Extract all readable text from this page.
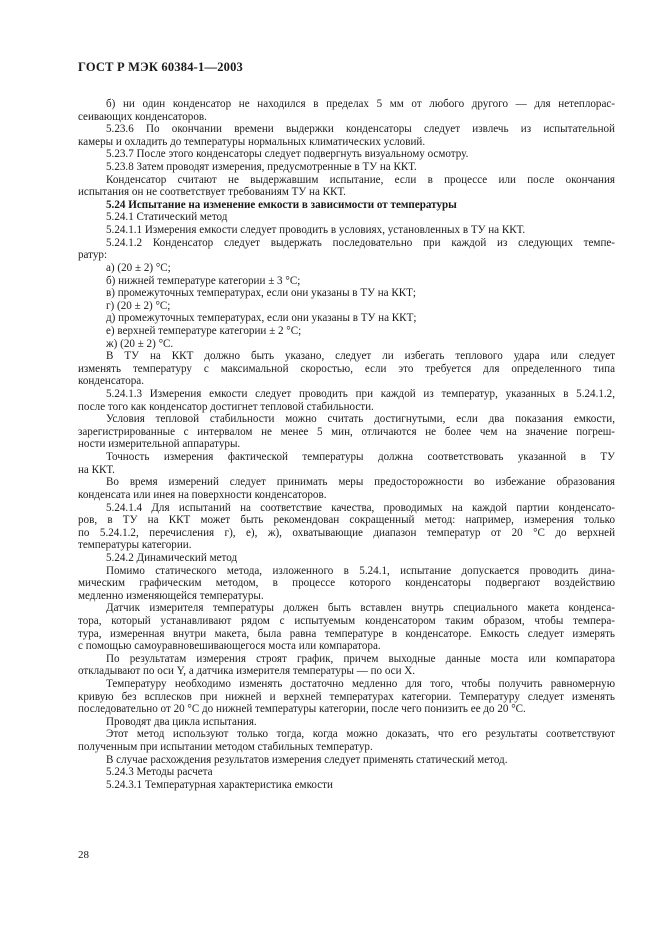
ГОСТ Р МЭК 60384-1—2003
б) ни один конденсатор не находился в пределах 5 мм от любого другого — для нетеплорас-
сеивающих конденсаторов.
5.23.6 По окончании времени выдержки конденсаторы следует извлечь из испытательной
камеры и охладить до температуры нормальных климатических условий.
5.23.7 После этого конденсаторы следует подвергнуть визуальному осмотру.
5.23.8 Затем проводят измерения, предусмотренные в ТУ на ККТ.
Конденсатор считают не выдержавшим испытание, если в процессе или после окончания
испытания он не соответствует требованиям ТУ на ККТ.
5.24 Испытание на изменение емкости в зависимости от температуры
5.24.1 Статический метод
5.24.1.1 Измерения емкости следует проводить в условиях, установленных в ТУ на ККТ.
5.24.1.2 Конденсатор следует выдержать последовательно при каждой из следующих темпе-
ратур:
а) (20 ± 2) °C;
б) нижней температуре категории ± 3 °C;
в) промежуточных температурах, если они указаны в ТУ на ККТ;
г) (20 ± 2) °C;
д) промежуточных температурах, если они указаны в ТУ на ККТ;
е) верхней температуре категории ± 2 °C;
ж) (20 ± 2) °C.
В ТУ на ККТ должно быть указано, следует ли избегать теплового удара или следует
изменять температуру с максимальной скоростью, если это требуется для определенного типа
конденсатора.
5.24.1.3 Измерения емкости следует проводить при каждой из температур, указанных в 5.24.1.2,
после того как конденсатор достигнет тепловой стабильности.
Условия тепловой стабильности можно считать достигнутыми, если два показания емкости,
зарегистрированные с интервалом не менее 5 мин, отличаются не более чем на значение погреш-
ности измерительной аппаратуры.
Точность измерения фактической температуры должна соответствовать указанной в ТУ
на ККТ.
Во время измерений следует принимать меры предосторожности во избежание образования
конденсата или инея на поверхности конденсаторов.
5.24.1.4 Для испытаний на соответствие качества, проводимых на каждой партии конденсато-
ров, в ТУ на ККТ может быть рекомендован сокращенный метод: например, измерения только
по 5.24.1.2, перечисления г), е), ж), охватывающие диапазон температур от 20 °C до верхней
температуры категории.
5.24.2 Динамический метод
Помимо статического метода, изложенного в 5.24.1, испытание допускается проводить дина-
мическим графическим методом, в процессе которого конденсаторы подвергают воздействию
медленно изменяющейся температуры.
Датчик измерителя температуры должен быть вставлен внутрь специального макета конденса-
тора, который устанавливают рядом с испытуемым конденсатором таким образом, чтобы темпера-
тура, измеренная внутри макета, была равна температуре в конденсаторе. Емкость следует измерять
с помощью самоуравновешивающегося моста или компаратора.
По результатам измерения строят график, причем выходные данные моста или компаратора
откладывают по оси Y, а датчика измерителя температуры — по оси X.
Температуру необходимо изменять достаточно медленно для того, чтобы получить равномерную
кривую без всплесков при нижней и верхней температурах категории. Температуру следует изменять
последовательно от 20 °C до нижней температуры категории, после чего понизить ее до 20 °C.
Проводят два цикла испытания.
Этот метод используют только тогда, когда можно доказать, что его результаты соответствуют
полученным при испытании методом стабильных температур.
В случае расхождения результатов измерения следует применять статический метод.
5.24.3 Методы расчета
5.24.3.1 Температурная характеристика емкости
28
